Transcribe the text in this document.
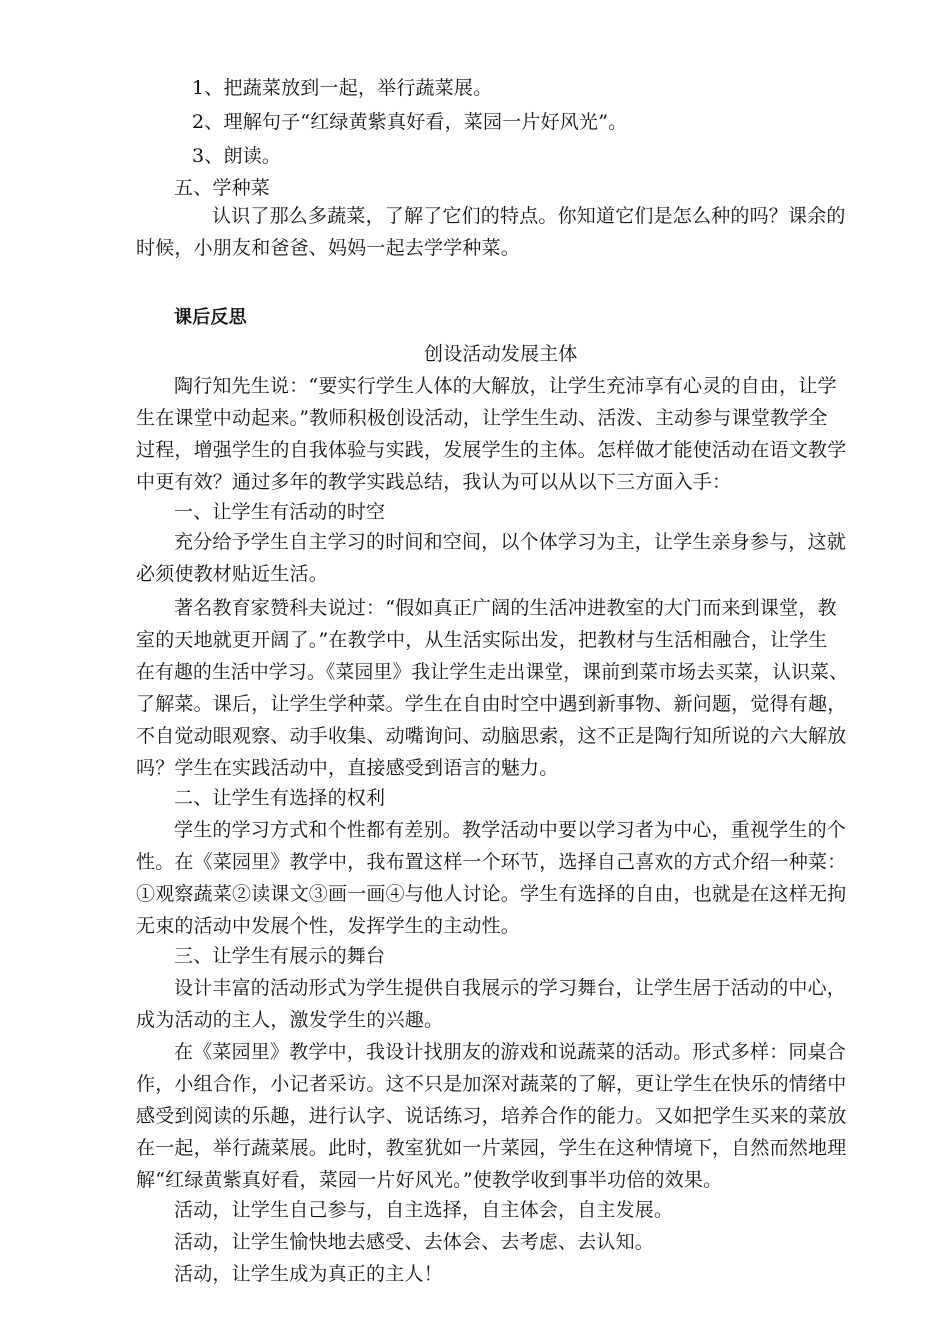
1、把蔬菜放到一起，举行蔬菜展。
2、理解句子“红绿黄紫真好看，菜园一片好风光”。
3、朗读。
五、学种菜
认识了那么多蔬菜，了解了它们的特点。你知道它们是怎么种的吗？课余的
时候，小朋友和爸爸、妈妈一起去学学种菜。
课后反思
创设活动发展主体
陶行知先生说：“要实行学生人体的大解放，让学生充沛享有心灵的自由，让学
生在课堂中动起来。”教师积极创设活动，让学生生动、活泼、主动参与课堂教学全
过程，增强学生的自我体验与实践，发展学生的主体。怎样做才能使活动在语文教学
中更有效？通过多年的教学实践总结，我认为可以从以下三方面入手：
一、让学生有活动的时空
充分给予学生自主学习的时间和空间，以个体学习为主，让学生亲身参与，这就
必须使教材贴近生活。
著名教育家赞科夫说过：“假如真正广阔的生活冲进教室的大门而来到课堂，教
室的天地就更开阔了。”在教学中，从生活实际出发，把教材与生活相融合，让学生
在有趣的生活中学习。《菜园里》我让学生走出课堂，课前到菜市场去买菜，认识菜、
了解菜。课后，让学生学种菜。学生在自由时空中遇到新事物、新问题，觉得有趣，
不自觉动眼观察、动手收集、动嘴询问、动脑思索，这不正是陶行知所说的六大解放
吗？学生在实践活动中，直接感受到语言的魅力。
二、让学生有选择的权利
学生的学习方式和个性都有差别。教学活动中要以学习者为中心，重视学生的个
性。在《菜园里》教学中，我布置这样一个环节，选择自己喜欢的方式介绍一种菜：
①观察蔬菜②读课文③画一画④与他人讨论。学生有选择的自由，也就是在这样无拘
无束的活动中发展个性，发挥学生的主动性。
三、让学生有展示的舞台
设计丰富的活动形式为学生提供自我展示的学习舞台，让学生居于活动的中心，
成为活动的主人，激发学生的兴趣。
在《菜园里》教学中，我设计找朋友的游戏和说蔬菜的活动。形式多样：同桌合
作，小组合作，小记者采访。这不只是加深对蔬菜的了解，更让学生在快乐的情绪中
感受到阅读的乐趣，进行认字、说话练习，培养合作的能力。又如把学生买来的菜放
在一起，举行蔬菜展。此时，教室犹如一片菜园，学生在这种情境下，自然而然地理
解“红绿黄紫真好看，菜园一片好风光。”使教学收到事半功倍的效果。
活动，让学生自己参与，自主选择，自主体会，自主发展。
活动，让学生愉快地去感受、去体会、去考虑、去认知。
活动，让学生成为真正的主人！
